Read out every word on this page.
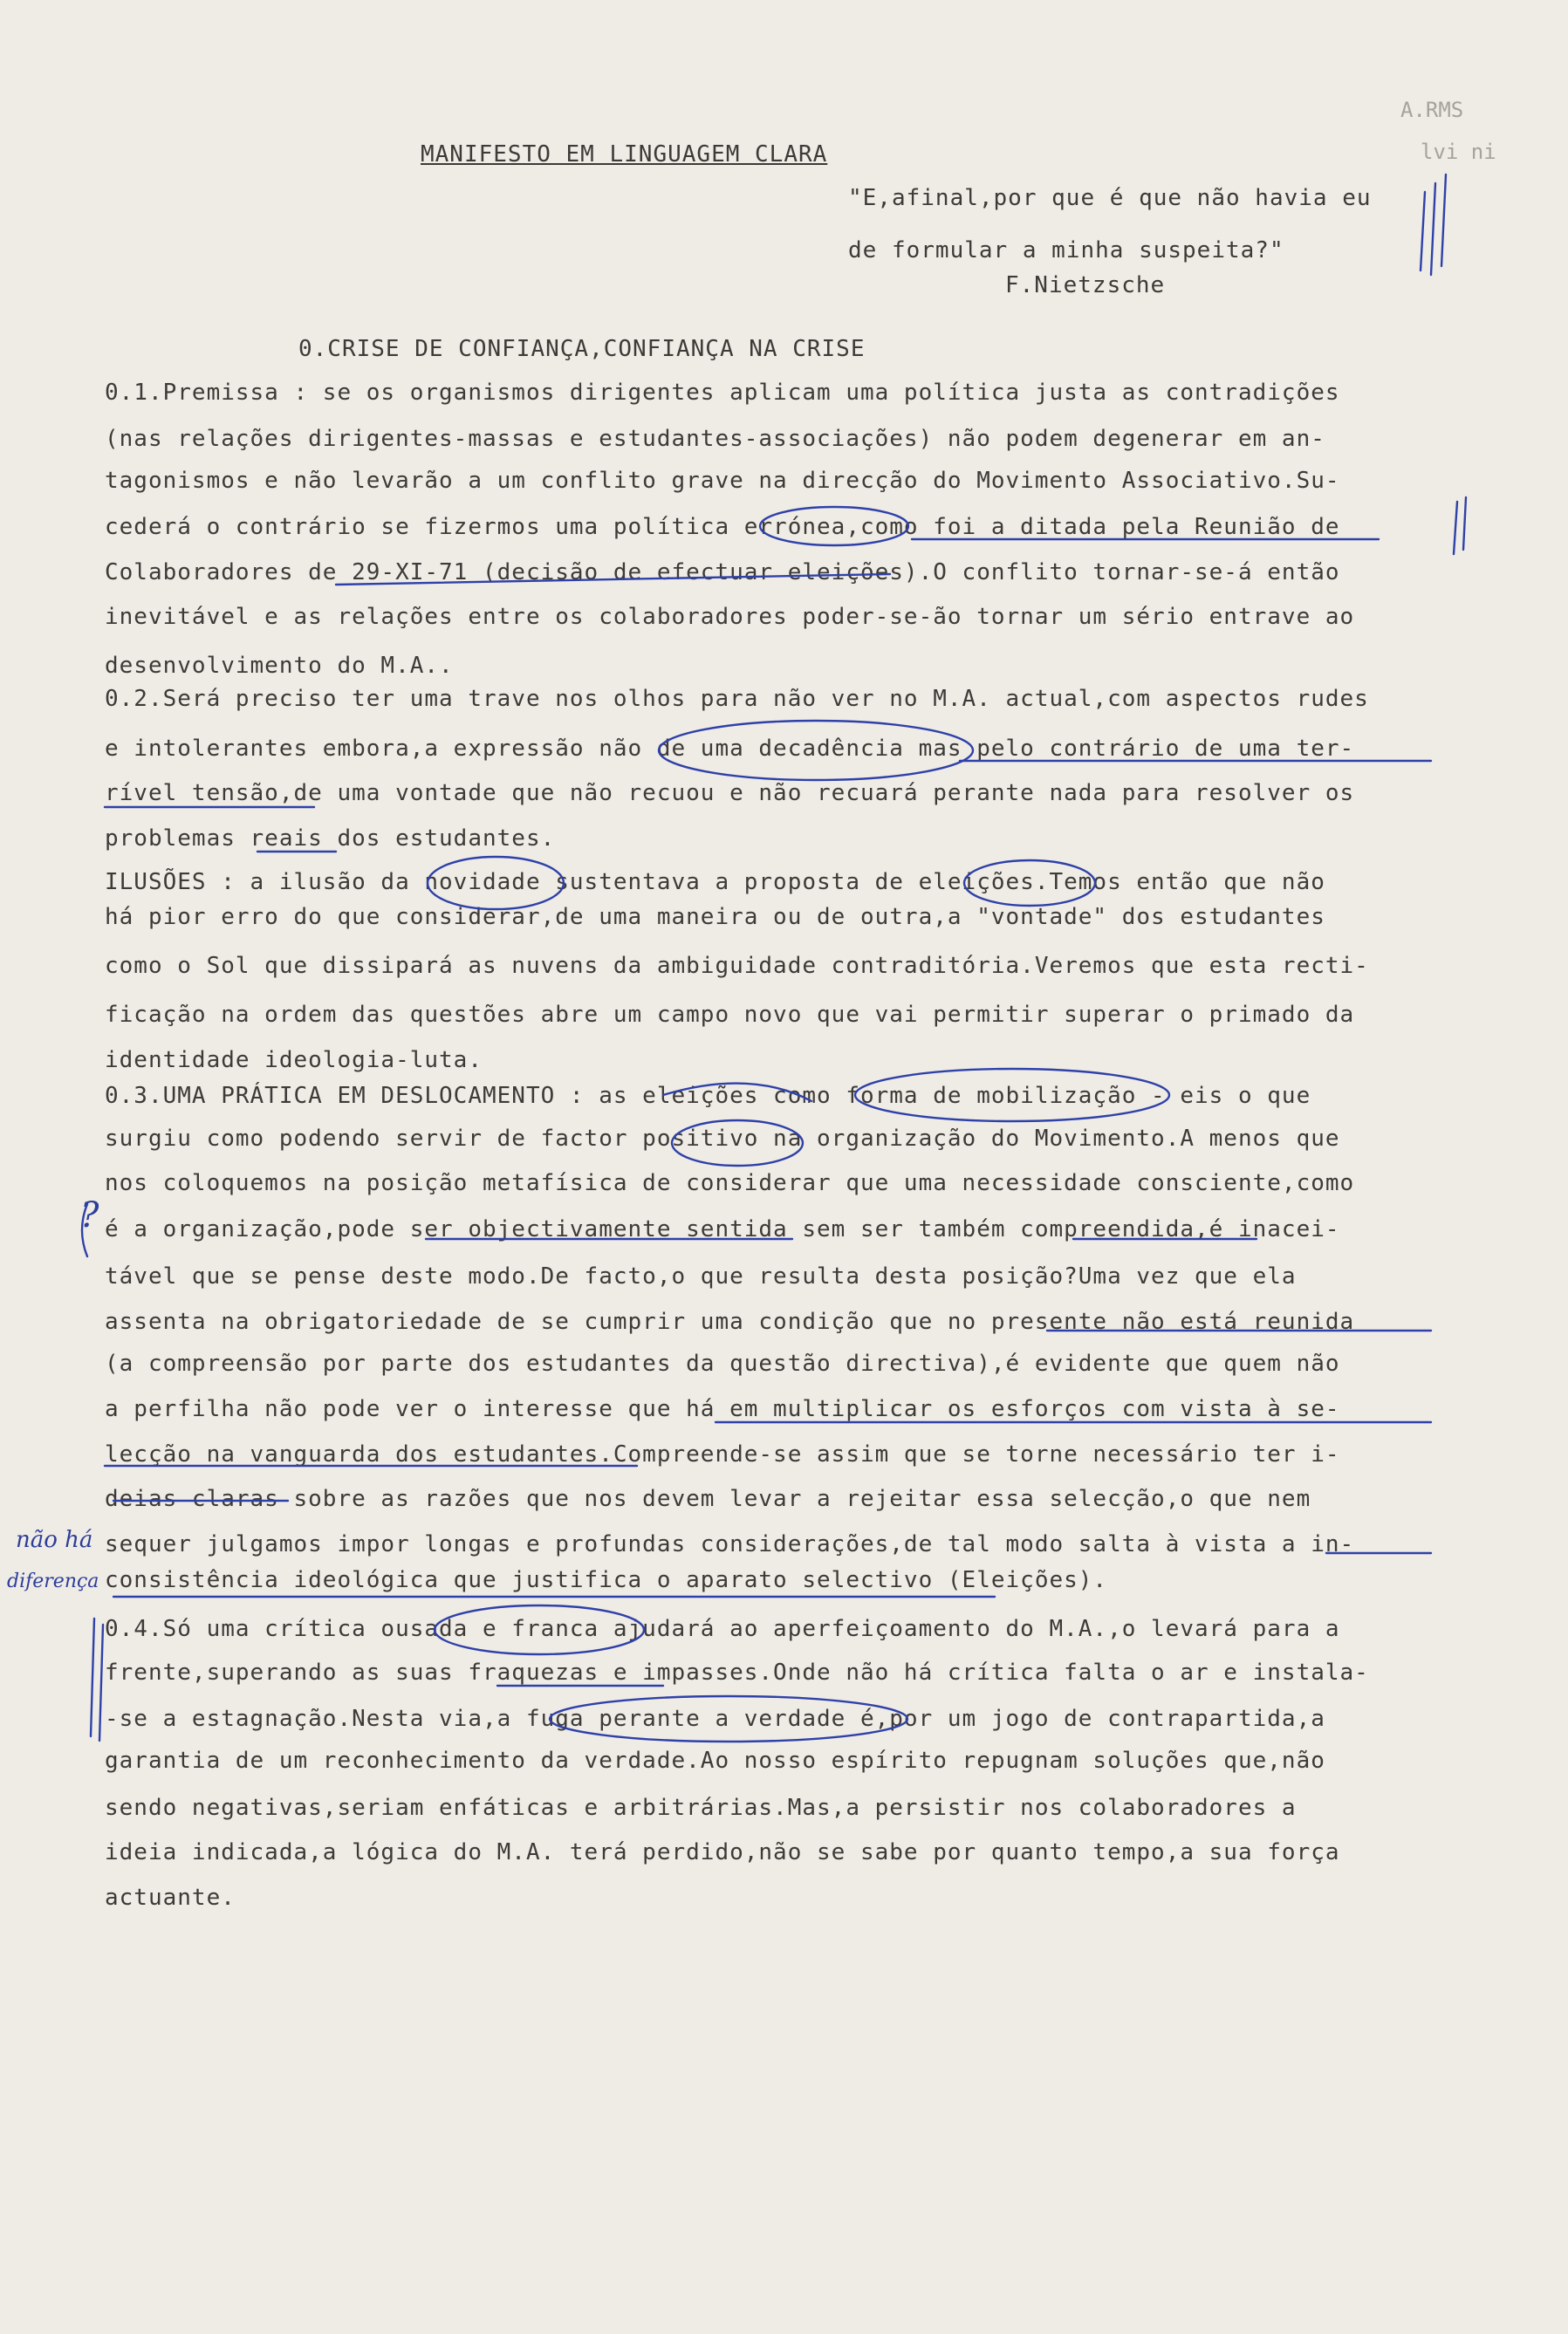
A.RMS
lvi ni
MANIFESTO EM LINGUAGEM CLARA
"E,afinal,por que é que não havia eu
de formular a minha suspeita?"
F.Nietzsche
0.CRISE DE CONFIANÇA,CONFIANÇA NA CRISE
0.1.Premissa : se os organismos dirigentes aplicam uma política justa as contradições
(nas relações dirigentes-massas e estudantes-associações) não podem degenerar em an-
tagonismos e não levarão a um conflito grave na direcção do Movimento Associativo.Su-
cederá o contrário se fizermos uma política errónea,como foi a ditada pela Reunião de
Colaboradores de 29-XI-71 (decisão de efectuar eleições).O conflito tornar-se-á então
inevitável e as relações entre os colaboradores poder-se-ão tornar um sério entrave ao
desenvolvimento do M.A..
0.2.Será preciso ter uma trave nos olhos para não ver no M.A. actual,com aspectos rudes
e intolerantes embora,a expressão não de uma decadência mas pelo contrário de uma ter-
rível tensão,de uma vontade que não recuou e não recuará perante nada para resolver os
problemas reais dos estudantes.
ILUSÕES : a ilusão da novidade sustentava a proposta de eleições.Temos então que não
há pior erro do que considerar,de uma maneira ou de outra,a "vontade" dos estudantes
como o Sol que dissipará as nuvens da ambiguidade contraditória.Veremos que esta recti-
ficação na ordem das questões abre um campo novo que vai permitir superar o primado da
identidade ideologia-luta.
0.3.UMA PRÁTICA EM DESLOCAMENTO : as eleições como forma de mobilização - eis o que
surgiu como podendo servir de factor positivo na organização do Movimento.A menos que
nos coloquemos na posição metafísica de considerar que uma necessidade consciente,como
é a organização,pode ser objectivamente sentida sem ser também compreendida,é inacei-
tável que se pense deste modo.De facto,o que resulta desta posição?Uma vez que ela
assenta na obrigatoriedade de se cumprir uma condição que no presente não está reunida
(a compreensão por parte dos estudantes da questão directiva),é evidente que quem não
a perfilha não pode ver o interesse que há em multiplicar os esforços com vista à se-
lecção na vanguarda dos estudantes.Compreende-se assim que se torne necessário ter i-
deias claras sobre as razões que nos devem levar a rejeitar essa selecção,o que nem
sequer julgamos impor longas e profundas considerações,de tal modo salta à vista a in-
consistência ideológica que justifica o aparato selectivo (Eleições).
0.4.Só uma crítica ousada e franca ajudará ao aperfeiçoamento do M.A.,o levará para a
frente,superando as suas fraquezas e impasses.Onde não há crítica falta o ar e instala-
-se a estagnação.Nesta via,a fuga perante a verdade é,por um jogo de contrapartida,a
garantia de um reconhecimento da verdade.Ao nosso espírito repugnam soluções que,não
sendo negativas,seriam enfáticas e arbitrárias.Mas,a persistir nos colaboradores a
ideia indicada,a lógica do M.A. terá perdido,não se sabe por quanto tempo,a sua força
actuante.
?
não há
diferença
